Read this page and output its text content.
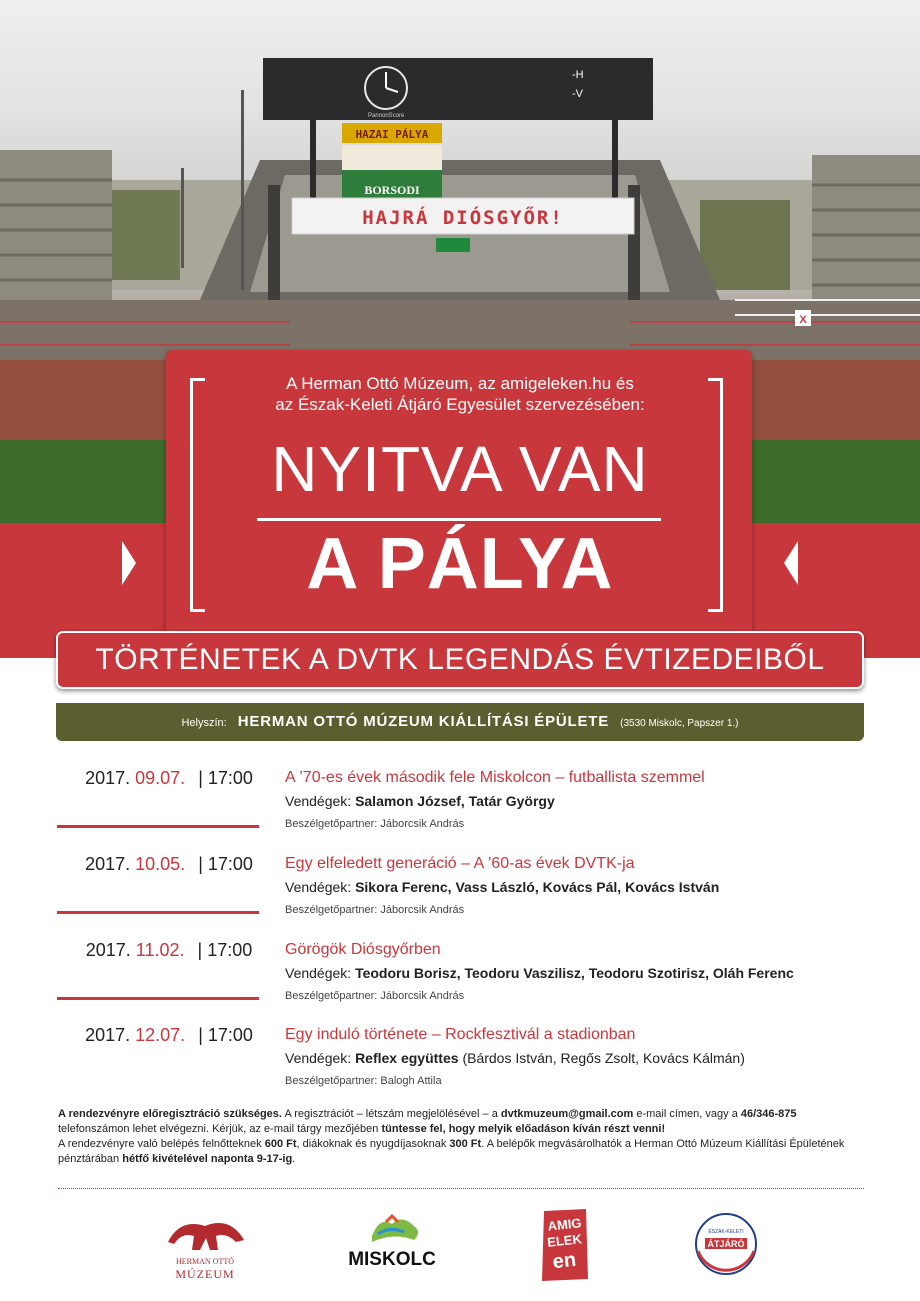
-H
-V
PannonScore
HAZAI PÁLYA
BORSODI
HAJRÁ DIÓSGYŐR!
X
A Herman Ottó Múzeum, az amigeleken.hu és
az Észak-Keleti Átjáró Egyesület szervezésében:
NYITVA VAN
A PÁLYA
TÖRTÉNETEK A DVTK LEGENDÁS ÉVTIZEDEIBŐL
Helyszín: HERMAN OTTÓ MÚZEUM KIÁLLÍTÁSI ÉPÜLETE (3530 Miskolc, Papszer 1.)
2017. 09.07. | 17:00	A ’70-es évek második fele Miskolcon – futballista szemmel
Vendégek: Salamon József, Tatár György
Beszélgetőpartner: Jáborcsik András
2017. 10.05. | 17:00	Egy elfeledett generáció – A ’60-as évek DVTK-ja
Vendégek: Sikora Ferenc, Vass László, Kovács Pál, Kovács István
Beszélgetőpartner: Jáborcsik András
2017. 11.02. | 17:00	Görögök Diósgyőrben
Vendégek: Teodoru Borisz, Teodoru Vaszilisz, Teodoru Szotirisz, Oláh Ferenc
Beszélgetőpartner: Jáborcsik András
2017. 12.07. | 17:00	Egy induló története – Rockfesztivál a stadionban
Vendégek: Reflex együttes (Bárdos István, Regős Zsolt, Kovács Kálmán)
Beszélgetőpartner: Balogh Attila

A rendezvényre előregisztráció szükséges. A regisztrációt – létszám megjelölésével – a dvtkmuzeum@gmail.com e-mail címen, vagy a 46/346-875 telefonszámon lehet elvégezni. Kérjük, az e-mail tárgy mezőjében tüntesse fel, hogy melyik előadáson kíván részt venni!

A rendezvényre való belépés felnőtteknek 600 Ft, diákoknak és nyugdíjasoknak 300 Ft. A belépők megvásárolhatók a Herman Ottó Múzeum Kiállítási Épületének pénztárában hétfő kivételével naponta 9-17-ig.

HERMAN OTTÓ
MÚZEUM
MISKOLC
AMIG
ELEK
en
ÉSZAK-KELETI
ÁTJÁRÓ
